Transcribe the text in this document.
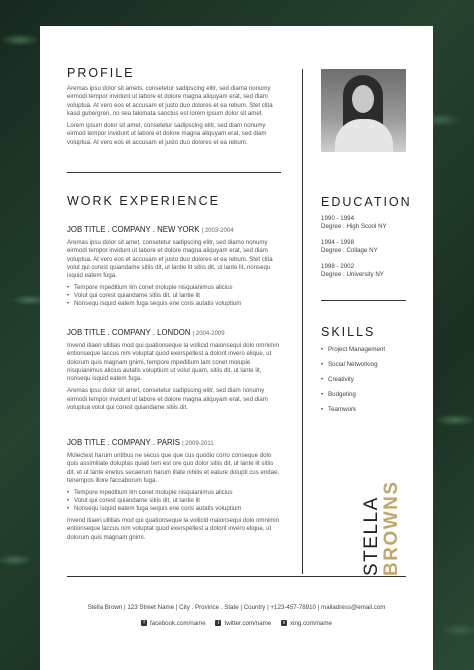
PROFILE

Aremas ipsu dolor sit amets, consetetur sadipscing elitr, sed diama nonumy eirmodi tempor invidunt ut labore et dolore magna aliquyam erat, sed diam voluptua. At vero eos et accusam et justo duo dolores et ea rebum. Stet clita kasd gubergren, no sea takimata sanctus est lorem ipsum dolor sit amet.

Lorem ipsum dolor sit amet, consetetur sadipscing elitr, sed diam nonumy eirmod tempor invidunt ut labore et dolore magna aliquyam erat, sed diam voluptua. At vero eos et accusam et justo duo dolores et ea rebum.

WORK EXPERIENCE
JOB TITLE . COMPANY . NEW YORK | 2003-2004

Aremas ipsu dolor sit amet, consetetur sadipscing elitr, sed diamo nonumy eirmodi tempor invidunt ut labore et dolore magna aliquyam erat, sed diam voluptua. At vero eos et accusam et justo duo dolores et ea rebum. Stet clita volut qui corest quiandame sitiis dit, ut lantie lit sitiis dit, ut lante lit, nonsequ isquid eatem fuga.

• Tempore mpeditium lim conet molupie nisquianimus alicius
• Volut qui corest quiandame sitiis dit, ut lantie lit
• Nonsequ isquid eatem fuga sequis ene coris autatis voluptium
JOB TITLE . COMPANY . LONDON | 2004-2009

Invend itiaeri ullitias mod qui quationseque la vollicid maionsequi dolo omnimin entionseque laccus nim voluptat quod exerspellest a dolorit invero elique, ut dolorum quis magnam gnimi, tempore mpeditium lam conet molupie nisquianimus alicius autatis voluptium ut volut quam, sitiis dit, ut lante lit, nonsequ isquid eatem fuga.

Aremas ipsu dolor sit amet, consetetur sadipscing elitr, sed diam nonumy eirmodi tempor invidunt ut labore et dolore magna aliquyam erat, sed diam voluptua volut qui corest quiandame sitiis dit.

JOB TITLE . COMPANY . PARIS | 2009-2011

Molectest harum untibus ne secus que que cus quodio corro conseque dolo quis assimiliate doluptas quiati tem est ore quo dolor sitiis dit, ut lante lit sitiis dit, et ut lante enetus secaerum harum illate nihilis et eature dolupti cus endae, tenempos illore faccaborum fuga.

• Tempore mpeditium lim conet molupie nisquianimus alicius
• Volut qui corest quiandame sitiis dit, ut lantie lit
• Nonsequ isquid eatem fuga sequis ene coris autatis voluptium

Invend itiaeri ullitias mod qui quationseque la vollicid maionsequi dolo omnimin entionseque laccus nim voluptat quod exerspellest a dolorit invero elique, ut dolorum quis magnam gnimi.

EDUCATION
1990 - 1994
Degree . High Scool NY
1994 - 1998
Degree . Collage NY
1998 - 2002
Degree . University NY
SKILLS
• Project Management
• Social Networking
• Creativity
• Budgeting
• Teamwork
STELLA
BROWNS
Stella Brown | 123 Street Name | City . Province . State | Country | +123-457-78910 | mailadress@email.com
f facebook.com/name
	t twitter.com/name
	x xing.com/name
